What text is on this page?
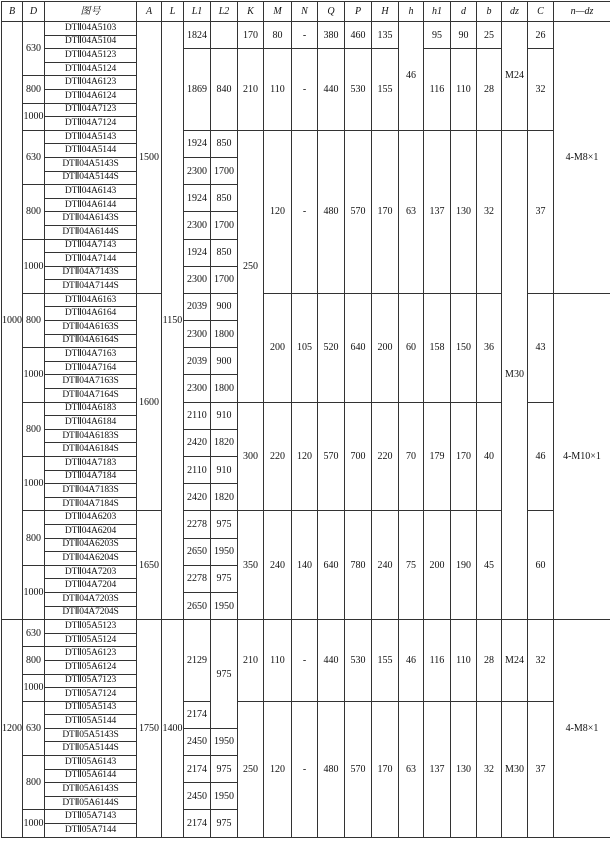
B	D	图号	A	L	L1	L2	K	M	N	Q	P	H	h	h1	d	b	dz	C	n—dz
1000	630	DTⅡ04A5103	1500	1150	1824		170	80	-	380	460	135	46	95	90	25	M24	26	4-M8×1
		DTⅡ04A5104																	
		DTⅡ04A5123			1869	840	210	110	-	440	530	155		116	110	28		32	
		DTⅡ04A5124																	
	800	DTⅡ04A6123																	
		DTⅡ04A6124																	
	1000	DTⅡ04A7123																	
		DTⅡ04A7124																	
	630	DTⅡ04A5143			1924	850	250	120	-	480	570	170	63	137	130	32	M30	37	
		DTⅡ04A5144																	
		DTⅡ04A5143S			2300	1700													
		DTⅡ04A5144S																	
	800	DTⅡ04A6143			1924	850													
		DTⅡ04A6144																	
		DTⅡ04A6143S			2300	1700													
		DTⅡ04A6144S																	
	1000	DTⅡ04A7143			1924	850													
		DTⅡ04A7144																	
		DTⅡ04A7143S			2300	1700													
		DTⅡ04A7144S																	
	800	DTⅡ04A6163	1600		2039	900		200	105	520	640	200	60	158	150	36		43	4-M10×1
		DTⅡ04A6164																	
		DTⅡ04A6163S			2300	1800													
		DTⅡ04A6164S																	
	1000	DTⅡ04A7163			2039	900													
		DTⅡ04A7164																	
		DTⅡ04A7163S			2300	1800													
		DTⅡ04A7164S																	
	800	DTⅡ04A6183			2110	910	300	220	120	570	700	220	70	179	170	40		46	
		DTⅡ04A6184																	
		DTⅡ04A6183S			2420	1820													
		DTⅡ04A6184S																	
	1000	DTⅡ04A7183			2110	910													
		DTⅡ04A7184																	
		DTⅡ04A7183S			2420	1820													
		DTⅡ04A7184S																	
	800	DTⅡ04A6203	1650		2278	975	350	240	140	640	780	240	75	200	190	45		60	
		DTⅡ04A6204																	
		DTⅡ04A6203S			2650	1950													
		DTⅡ04A6204S																	
	1000	DTⅡ04A7203			2278	975													
		DTⅡ04A7204																	
		DTⅡ04A7203S			2650	1950													
		DTⅡ04A7204S																	
1200	630	DTⅡ05A5123	1750	1400	2129	975	210	110	-	440	530	155	46	116	110	28	M24	32	4-M8×1
		DTⅡ05A5124																	
	800	DTⅡ05A6123																	
		DTⅡ05A6124																	
	1000	DTⅡ05A7123																	
		DTⅡ05A7124																	
	630	DTⅡ05A5143			2174		250	120	-	480	570	170	63	137	130	32	M30	37	
		DTⅡ05A5144																	
		DTⅡ05A5143S			2450	1950													
		DTⅡ05A5144S																	
	800	DTⅡ05A6143			2174	975													
		DTⅡ05A6144																	
		DTⅡ05A6143S			2450	1950													
		DTⅡ05A6144S																	
	1000	DTⅡ05A7143			2174	975													
		DTⅡ05A7144																	
